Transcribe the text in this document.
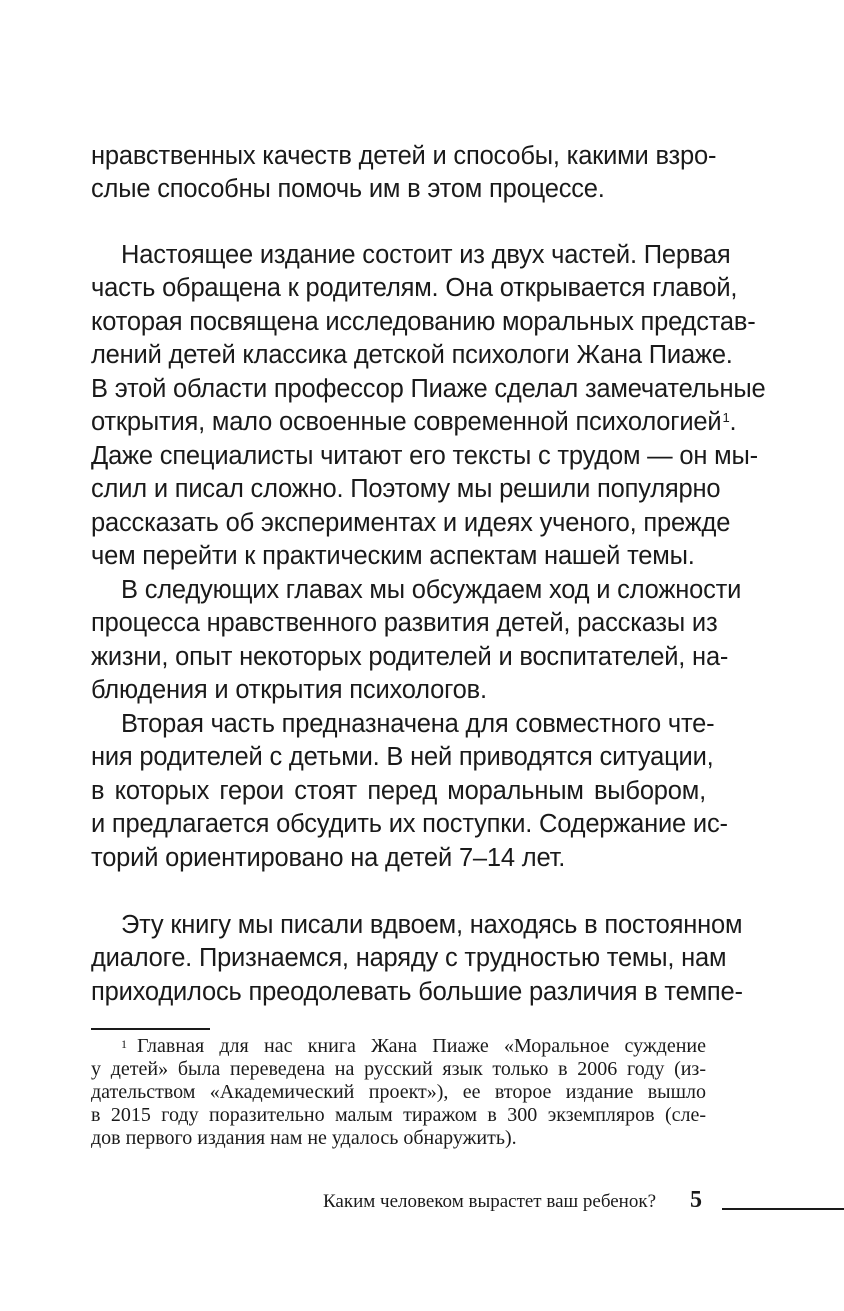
нравственных качеств детей и способы, какими взро-
слые способны помочь им в этом процессе.
Настоящее издание состоит из двух частей. Первая
часть обращена к родителям. Она открывается главой,
которая посвящена исследованию моральных представ-
лений детей классика детской психологи Жана Пиаже.
В этой области профессор Пиаже сделал замечательные
открытия, мало освоенные современной психологией$^1$.
Даже специалисты читают его тексты с трудом — он мы-
слил и писал сложно. Поэтому мы решили популярно
рассказать об экспериментах и идеях ученого, прежде
чем перейти к практическим аспектам нашей темы.
В следующих главах мы обсуждаем ход и сложности
процесса нравственного развития детей, рассказы из
жизни, опыт некоторых родителей и воспитателей, на-
блюдения и открытия психологов.
Вторая часть предназначена для совместного чте-
ния родителей с детьми. В ней приводятся ситуации,
в которых герои стоят перед моральным выбором,
и предлагается обсудить их поступки. Содержание ис-
торий ориентировано на детей 7–14 лет.
Эту книгу мы писали вдвоем, находясь в постоянном
диалоге. Признаемся, наряду с трудностью темы, нам
приходилось преодолевать большие различия в темпе-
$^1$ Главная для нас книга Жана Пиаже «Моральное суждение
у детей» была переведена на русский язык только в 2006 году (из-
дательством «Академический проект»), ее второе издание вышло
в 2015 году поразительно малым тиражом в 300 экземпляров (сле-
дов первого издания нам не удалось обнаружить).
Каким человеком вырастет ваш ребенок? 5
